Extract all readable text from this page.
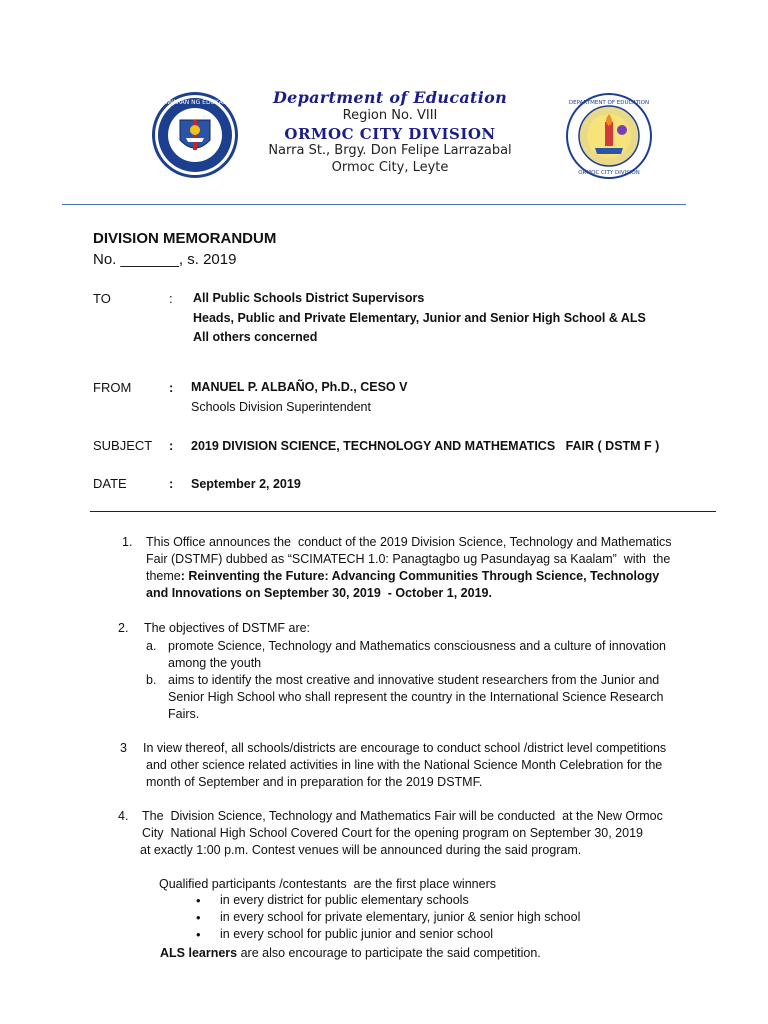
KAGAWARAN NG EDUKASYON	DEPARTMENT OF EDUCATION
ORMOC CITY DIVISION
Department of Education
Region No. VIII
ORMOC CITY DIVISION
Narra St., Brgy. Don Felipe Larrazabal
Ormoc City, Leyte
DIVISION MEMORANDUM
No. _______, s. 2019
TO	: All Public Schools District Supervisors
Heads, Public and Private Elementary, Junior and Senior High School & ALS
All others concerned
FROM	: MANUEL P. ALBAÑO, Ph.D., CESO V
Schools Division Superintendent
SUBJECT : 2019 DIVISION SCIENCE, TECHNOLOGY AND MATHEMATICS   FAIR ( DSTM F )
DATE	: September 2, 2019
1. This Office announces the  conduct of the 2019 Division Science, Technology and Mathematics
Fair (DSTMF) dubbed as “SCIMATECH 1.0: Panagtagbo ug Pasundayag sa Kaalam”  with  the
theme: Reinventing the Future: Advancing Communities Through Science, Technology
and Innovations on September 30, 2019  - October 1, 2019.
2. The objectives of DSTMF are:
a. promote Science, Technology and Mathematics consciousness and a culture of innovation
among the youth
b. aims to identify the most creative and innovative student researchers from the Junior and
Senior High School who shall represent the country in the International Science Research
Fairs.
3 In view thereof, all schools/districts are encourage to conduct school /district level competitions
and other science related activities in line with the National Science Month Celebration for the
month of September and in preparation for the 2019 DSTMF.
4. The  Division Science, Technology and Mathematics Fair will be conducted  at the New Ormoc
City  National High School Covered Court for the opening program on September 30, 2019
at exactly 1:00 p.m. Contest venues will be announced during the said program.
Qualified participants /contestants  are the first place winners
• in every district for public elementary schools
• in every school for private elementary, junior & senior high school
• in every school for public junior and senior school
ALS learners are also encourage to participate the said competition.
